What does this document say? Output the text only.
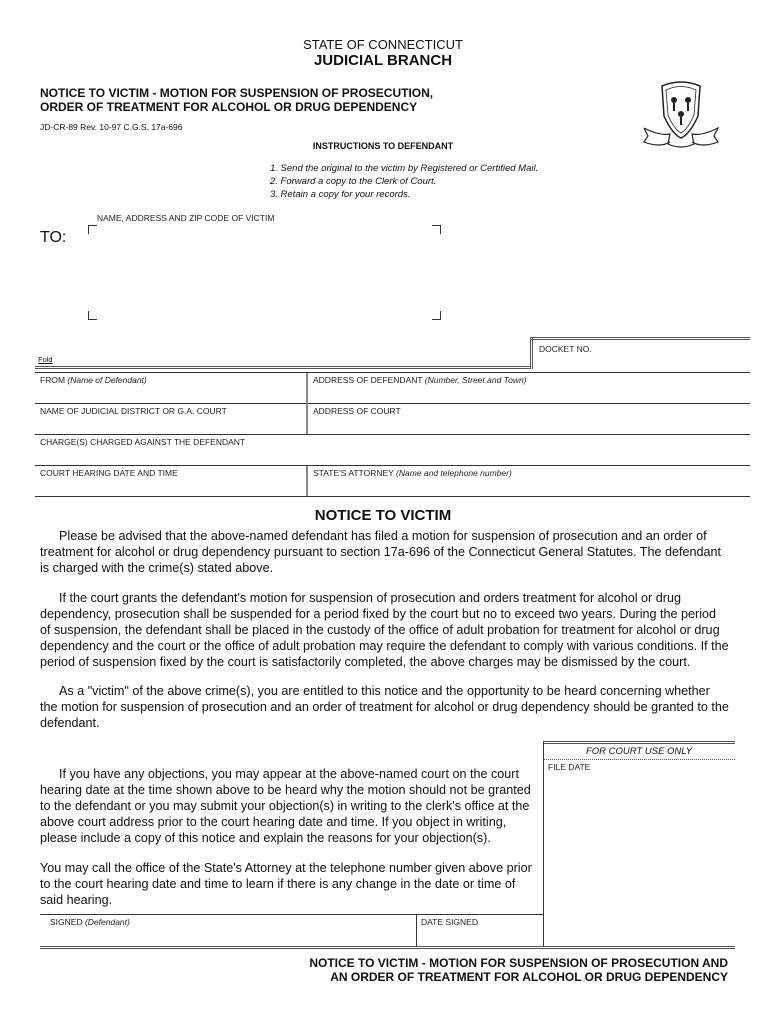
STATE OF CONNECTICUT
JUDICIAL BRANCH
NOTICE TO VICTIM - MOTION FOR SUSPENSION OF PROSECUTION,
ORDER OF TREATMENT FOR ALCOHOL OR DRUG DEPENDENCY
JD-CR-89 Rev. 10-97 C.G.S. 17a-696
INSTRUCTIONS TO DEFENDANT
1. Send the original to the victim by Registered or Certified Mail.
2. Forward a copy to the Clerk of Court.
3. Retain a copy for your records.
NAME, ADDRESS AND ZIP CODE OF VICTIM
TO:
Fold
DOCKET NO.
FROM (Name of Defendant)	ADDRESS OF DEFENDANT (Number, Street and Town)
NAME OF JUDICIAL DISTRICT OR G.A. COURT	ADDRESS OF COURT
CHARGE(S) CHARGED AGAINST THE DEFENDANT
COURT HEARING DATE AND TIME	STATE'S ATTORNEY (Name and telephone number)
NOTICE TO VICTIM
Please be advised that the above-named defendant has filed a motion for suspension of prosecution and an order of treatment for alcohol or drug dependency pursuant to section 17a-696 of the Connecticut General Statutes. The defendant is charged with the crime(s) stated above.
If the court grants the defendant's motion for suspension of prosecution and orders treatment for alcohol or drug dependency, prosecution shall be suspended for a period fixed by the court but no to exceed two years. During the period of suspension, the defendant shall be placed in the custody of the office of adult probation for treatment for alcohol or drug dependency and the court or the office of adult probation may require the defendant to comply with various conditions. If the period of suspension fixed by the court is satisfactorily completed, the above charges may be dismissed by the court.
As a "victim" of the above crime(s), you are entitled to this notice and the opportunity to be heard concerning whether the motion for suspension of prosecution and an order of treatment for alcohol or drug dependency should be granted to the defendant.
FOR COURT USE ONLY
FILE DATE
If you have any objections, you may appear at the above-named court on the court hearing date at the time shown above to be heard why the motion should not be granted to the defendant or you may submit your objection(s) in writing to the clerk's office at the above court address prior to the court hearing date and time. If you object in writing, please include a copy of this notice and explain the reasons for your objection(s).
You may call the office of the State's Attorney at the telephone number given above prior to the court hearing date and time to learn if there is any change in the date or time of said hearing.
SIGNED (Defendant)	DATE SIGNED
NOTICE TO VICTIM - MOTION FOR SUSPENSION OF PROSECUTION AND
AN ORDER OF TREATMENT FOR ALCOHOL OR DRUG DEPENDENCY
